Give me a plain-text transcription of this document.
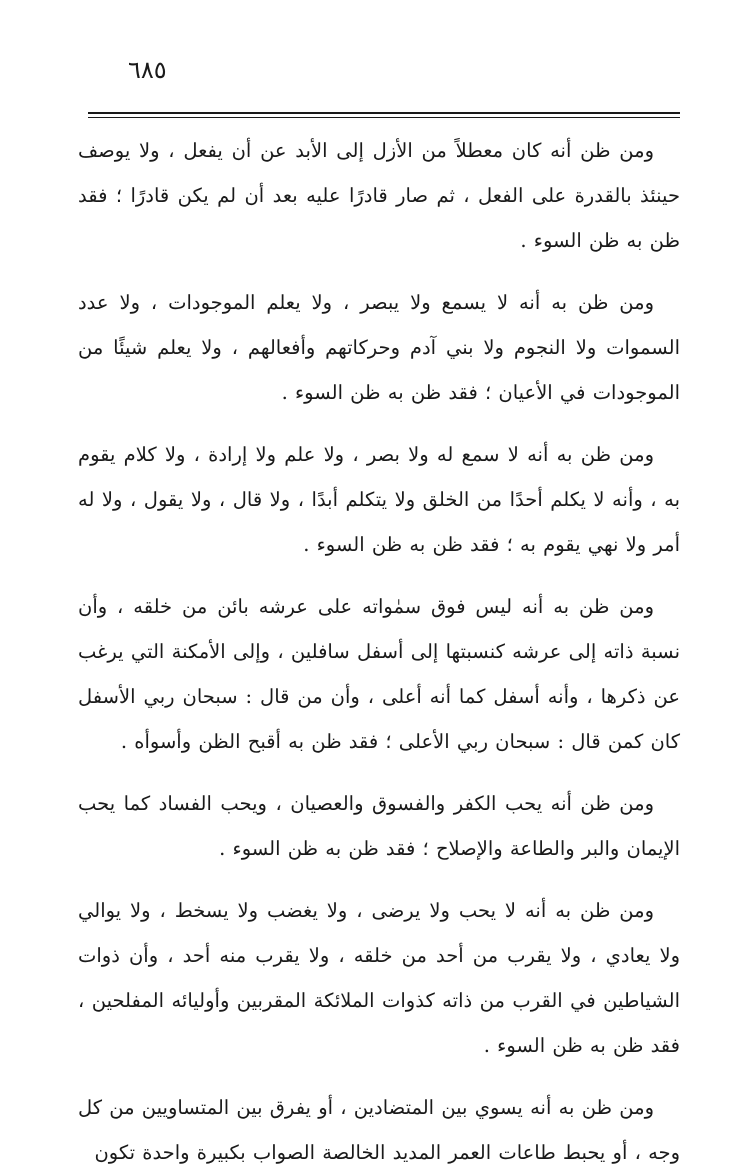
٦٨٥

ومن ظن أنه كان معطلاً من الأزل إلى الأبد عن أن يفعل ، ولا يوصف حينئذ بالقدرة على الفعل ، ثم صار قادرًا عليه بعد أن لم يكن قادرًا ؛ فقد ظن به ظن السوء .

ومن ظن به أنه لا يسمع ولا يبصر ، ولا يعلم الموجودات ، ولا عدد السموات ولا النجوم ولا بني آدم وحركاتهم وأفعالهم ، ولا يعلم شيئًا من الموجودات في الأعيان ؛ فقد ظن به ظن السوء .

ومن ظن به أنه لا سمع له ولا بصر ، ولا علم ولا إرادة ، ولا كلام يقوم به ، وأنه لا يكلم أحدًا من الخلق ولا يتكلم أبدًا ، ولا قال ، ولا يقول ، ولا له أمر ولا نهي يقوم به ؛ فقد ظن به ظن السوء .

ومن ظن به أنه ليس فوق سمٰواته على عرشه بائن من خلقه ، وأن نسبة ذاته إلى عرشه كنسبتها إلى أسفل سافلين ، وإلى الأمكنة التي يرغب عن ذكرها ، وأنه أسفل كما أنه أعلى ، وأن من قال : سبحان ربي الأسفل كان كمن قال : سبحان ربي الأعلى ؛ فقد ظن به أقبح الظن وأسوأه .

ومن ظن أنه يحب الكفر والفسوق والعصيان ، ويحب الفساد كما يحب الإيمان والبر والطاعة والإصلاح ؛ فقد ظن به ظن السوء .

ومن ظن به أنه لا يحب ولا يرضى ، ولا يغضب ولا يسخط ، ولا يوالي ولا يعادي ، ولا يقرب من أحد من خلقه ، ولا يقرب منه أحد ، وأن ذوات الشياطين في القرب من ذاته كذوات الملائكة المقربين وأوليائه المفلحين ، فقد ظن به ظن السوء .

ومن ظن به أنه يسوي بين المتضادين ، أو يفرق بين المتساويين من كل وجه ، أو يحبط طاعات العمر المديد الخالصة الصواب بكبيرة واحدة تكون
